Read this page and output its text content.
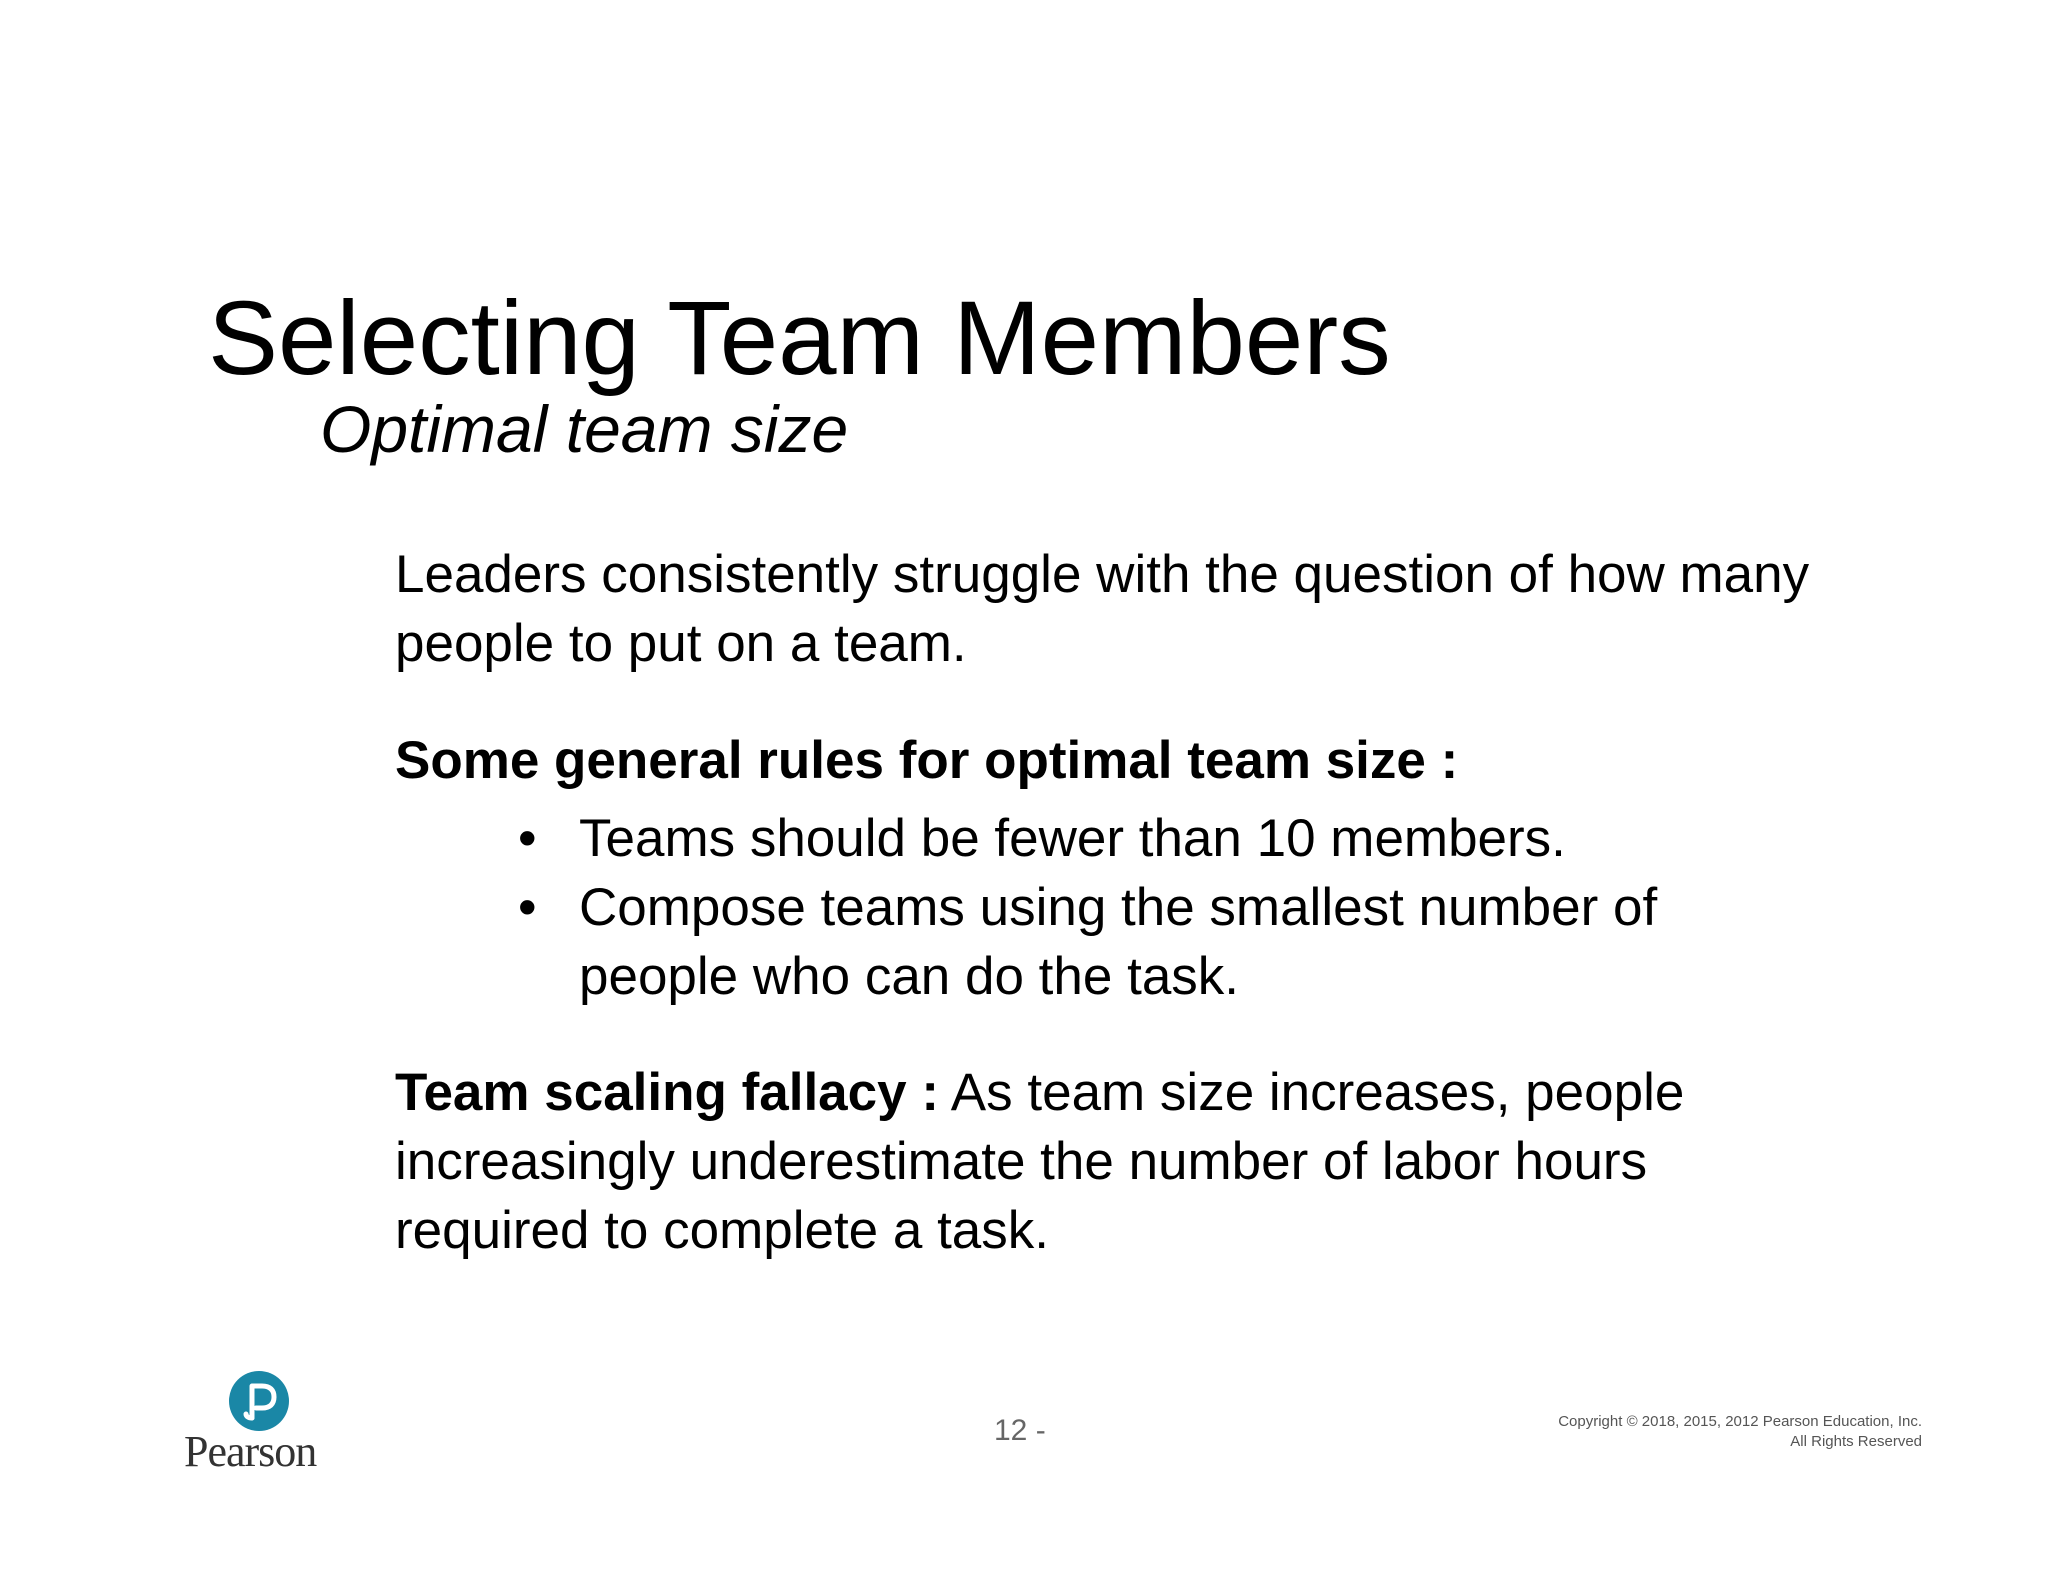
Selecting Team Members
Optimal team size

Leaders consistently struggle with the question of how many people to put on a team.

Some general rules for optimal team size :

• Teams should be fewer than 10 members.
• Compose teams using the smallest number of people who can do the task.

Team scaling fallacy : As team size increases, people increasingly underestimate the number of labor hours required to complete a task.

Pearson	12 -	Copyright © 2018, 2015, 2012 Pearson Education, Inc.
All Rights Reserved
